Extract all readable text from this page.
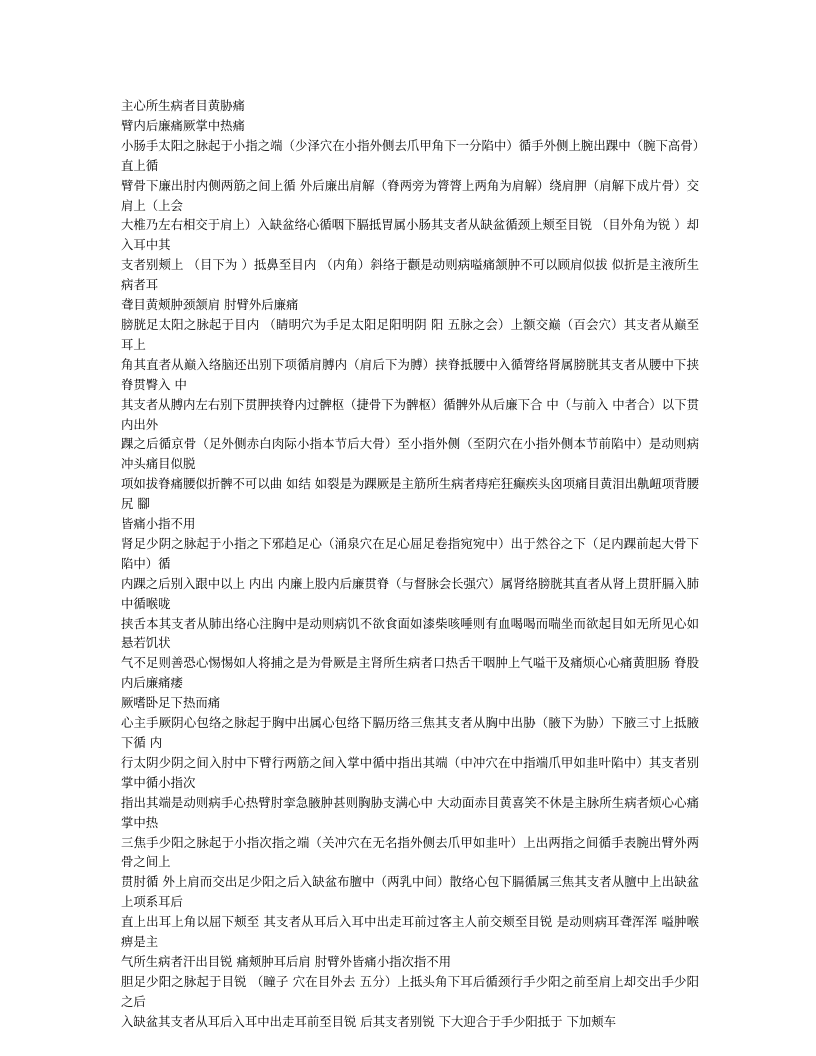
主心所生病者目黄胁痛

臂内后廉痛厥掌中热痛

小肠手太阳之脉起于小指之端（少泽穴在小指外侧去爪甲角下一分陷中）循手外侧上腕出踝中（腕下高骨）直上循

臂骨下廉出肘内侧两筋之间上循 外后廉出肩解（脊两旁为膂膂上两角为肩解）绕肩胛（肩解下成片骨）交肩上（上会

大椎乃左右相交于肩上）入缺盆络心循咽下膈抵胃属小肠其支者从缺盆循颈上颊至目锐 （目外角为锐 ）却入耳中其

支者别颊上 （目下为 ）抵鼻至目内 （内角）斜络于颧是动则病嗌痛颔肿不可以顾肩似拔 似折是主液所生病者耳

聋目黄颊肿颈颔肩 肘臂外后廉痛

膀胱足太阳之脉起于目内 （睛明穴为手足太阳足阳明阴 阳 五脉之会）上额交巅（百会穴）其支者从巅至耳上

角其直者从巅入络脑还出别下项循肩膊内（肩后下为膊）挟脊抵腰中入循膂络肾属膀胱其支者从腰中下挟脊贯臀入 中

其支者从膊内左右别下贯胛挟脊内过髀枢（捷骨下为髀枢）循髀外从后廉下合 中（与前入 中者合）以下贯 内出外

踝之后循京骨（足外侧赤白肉际小指本节后大骨）至小指外侧（至阴穴在小指外侧本节前陷中）是动则病冲头痛目似脱

项如拔脊痛腰似折髀不可以曲 如结 如裂是为踝厥是主筋所生病者痔疟狂癫疾头囟项痛目黄泪出鼽衄项背腰尻 腳

皆痛小指不用

肾足少阴之脉起于小指之下邪趋足心（涌泉穴在足心屈足卷指宛宛中）出于然谷之下（足内踝前起大骨下陷中）循

内踝之后别入跟中以上 内出 内廉上股内后廉贯脊（与督脉会长强穴）属肾络膀胱其直者从肾上贯肝膈入肺中循喉咙

挟舌本其支者从肺出络心注胸中是动则病饥不欲食面如漆柴咳唾则有血喝喝而喘坐而欲起目如无所见心如悬若饥状

气不足则善恐心惕惕如人将捕之是为骨厥是主肾所生病者口热舌干咽肿上气嗌干及痛烦心心痛黄胆肠 脊股内后廉痛痿

厥嗜卧足下热而痛

心主手厥阴心包络之脉起于胸中出属心包络下膈历络三焦其支者从胸中出胁（腋下为胁）下腋三寸上抵腋下循 内

行太阴少阴之间入肘中下臂行两筋之间入掌中循中指出其端（中冲穴在中指端爪甲如韭叶陷中）其支者别掌中循小指次

指出其端是动则病手心热臂肘挛急腋肿甚则胸胁支满心中 大动面赤目黄喜笑不休是主脉所生病者烦心心痛掌中热

三焦手少阳之脉起于小指次指之端（关冲穴在无名指外侧去爪甲如韭叶）上出两指之间循手表腕出臂外两骨之间上

贯肘循 外上肩而交出足少阳之后入缺盆布膻中（两乳中间）散络心包下膈循属三焦其支者从膻中上出缺盆上项系耳后

直上出耳上角以屈下颊至 其支者从耳后入耳中出走耳前过客主人前交颊至目锐 是动则病耳聋浑浑 嗌肿喉痹是主

气所生病者汗出目锐 痛颊肿耳后肩 肘臂外皆痛小指次指不用

胆足少阳之脉起于目锐 （瞳子 穴在目外去 五分）上抵头角下耳后循颈行手少阳之前至肩上却交出手少阳之后

入缺盆其支者从耳后入耳中出走耳前至目锐 后其支者别锐 下大迎合于手少阳抵于 下加颊车
